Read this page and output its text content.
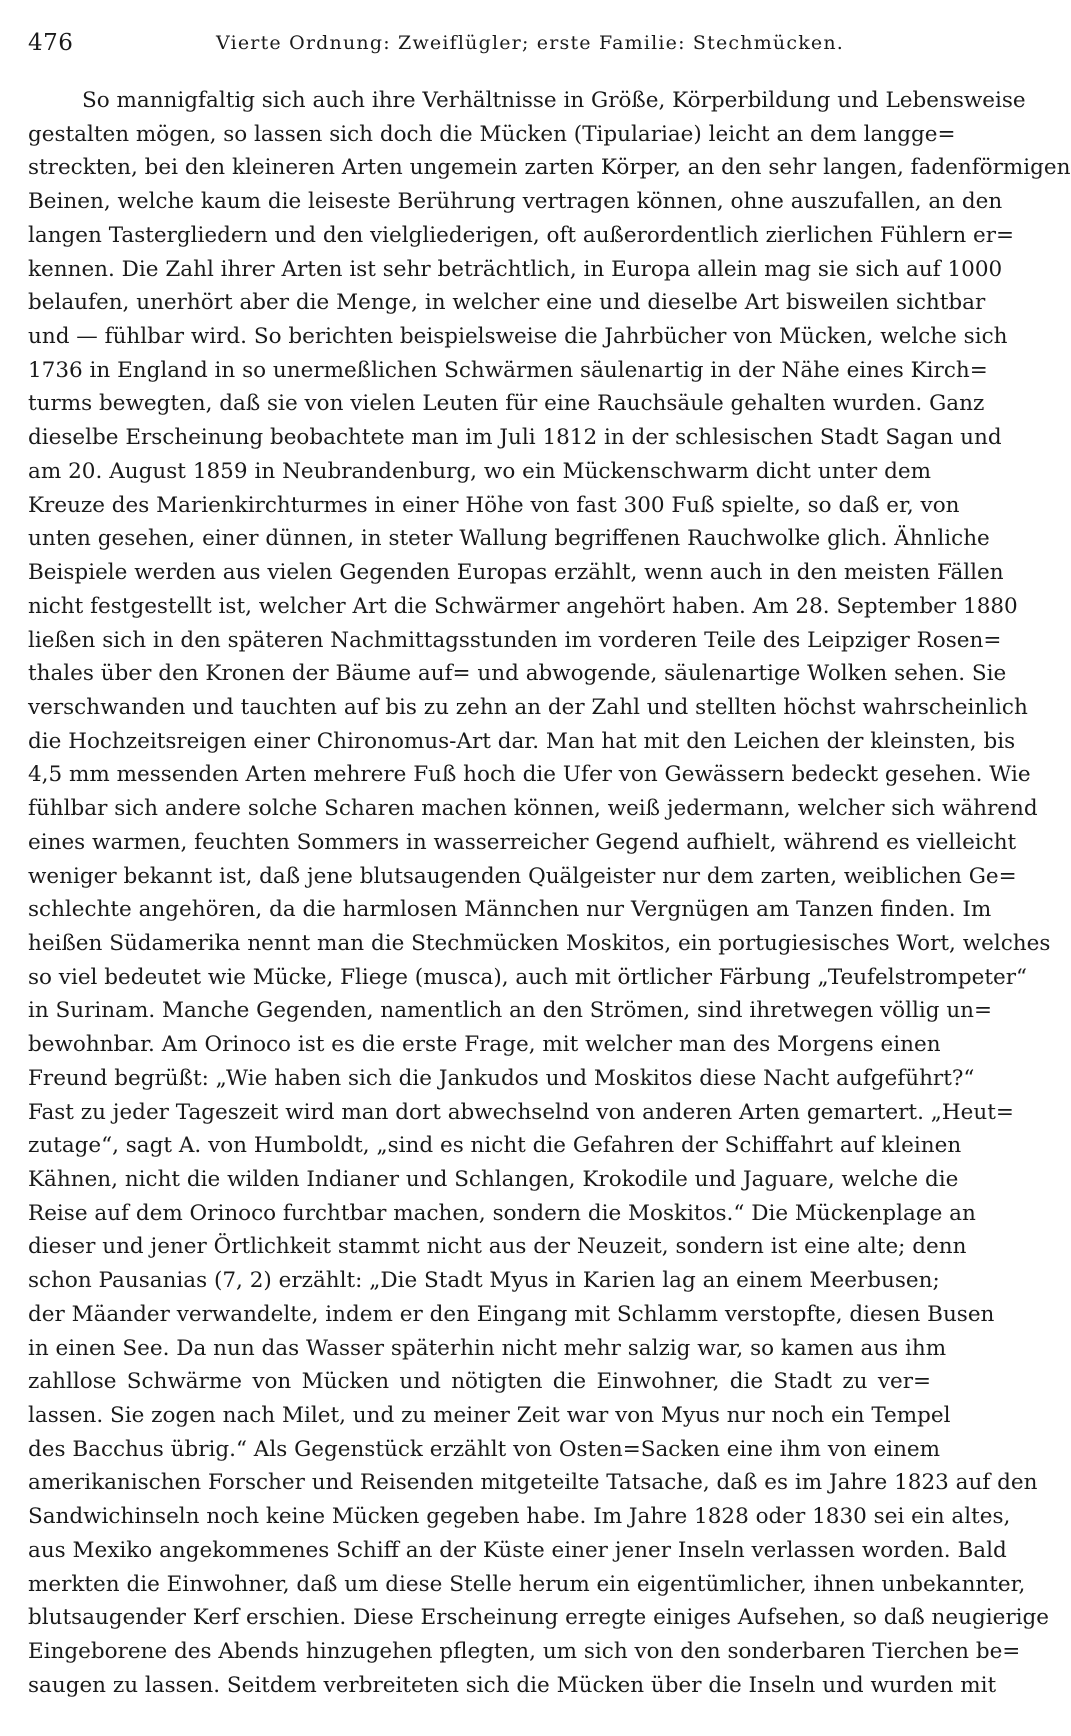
476	Vierte Ordnung: Zweiflügler; erste Familie: Stechmücken.
So mannigfaltig sich auch ihre Verhältnisse in Größe, Körperbildung und Lebensweise
gestalten mögen, so lassen sich doch die Mücken (Tipulariae) leicht an dem langge=
streckten, bei den kleineren Arten ungemein zarten Körper, an den sehr langen, fadenförmigen
Beinen, welche kaum die leiseste Berührung vertragen können, ohne auszufallen, an den
langen Tastergliedern und den vielgliederigen, oft außerordentlich zierlichen Fühlern er=
kennen. Die Zahl ihrer Arten ist sehr beträchtlich, in Europa allein mag sie sich auf 1000
belaufen, unerhört aber die Menge, in welcher eine und dieselbe Art bisweilen sichtbar
und — fühlbar wird. So berichten beispielsweise die Jahrbücher von Mücken, welche sich
1736 in England in so unermeßlichen Schwärmen säulenartig in der Nähe eines Kirch=
turms bewegten, daß sie von vielen Leuten für eine Rauchsäule gehalten wurden. Ganz
dieselbe Erscheinung beobachtete man im Juli 1812 in der schlesischen Stadt Sagan und
am 20. August 1859 in Neubrandenburg, wo ein Mückenschwarm dicht unter dem
Kreuze des Marienkirchturmes in einer Höhe von fast 300 Fuß spielte, so daß er, von
unten gesehen, einer dünnen, in steter Wallung begriffenen Rauchwolke glich. Ähnliche
Beispiele werden aus vielen Gegenden Europas erzählt, wenn auch in den meisten Fällen
nicht festgestellt ist, welcher Art die Schwärmer angehört haben. Am 28. September 1880
ließen sich in den späteren Nachmittagsstunden im vorderen Teile des Leipziger Rosen=
thales über den Kronen der Bäume auf= und abwogende, säulenartige Wolken sehen. Sie
verschwanden und tauchten auf bis zu zehn an der Zahl und stellten höchst wahrscheinlich
die Hochzeitsreigen einer Chironomus-Art dar. Man hat mit den Leichen der kleinsten, bis
4,5 mm messenden Arten mehrere Fuß hoch die Ufer von Gewässern bedeckt gesehen. Wie
fühlbar sich andere solche Scharen machen können, weiß jedermann, welcher sich während
eines warmen, feuchten Sommers in wasserreicher Gegend aufhielt, während es vielleicht
weniger bekannt ist, daß jene blutsaugenden Quälgeister nur dem zarten, weiblichen Ge=
schlechte angehören, da die harmlosen Männchen nur Vergnügen am Tanzen finden. Im
heißen Südamerika nennt man die Stechmücken Moskitos, ein portugiesisches Wort, welches
so viel bedeutet wie Mücke, Fliege (musca), auch mit örtlicher Färbung „Teufelstrompeter“
in Surinam. Manche Gegenden, namentlich an den Strömen, sind ihretwegen völlig un=
bewohnbar. Am Orinoco ist es die erste Frage, mit welcher man des Morgens einen
Freund begrüßt: „Wie haben sich die Jankudos und Moskitos diese Nacht aufgeführt?“
Fast zu jeder Tageszeit wird man dort abwechselnd von anderen Arten gemartert. „Heut=
zutage“, sagt A. von Humboldt, „sind es nicht die Gefahren der Schiffahrt auf kleinen
Kähnen, nicht die wilden Indianer und Schlangen, Krokodile und Jaguare, welche die
Reise auf dem Orinoco furchtbar machen, sondern die Moskitos.“ Die Mückenplage an
dieser und jener Örtlichkeit stammt nicht aus der Neuzeit, sondern ist eine alte; denn
schon Pausanias (7, 2) erzählt: „Die Stadt Myus in Karien lag an einem Meerbusen;
der Mäander verwandelte, indem er den Eingang mit Schlamm verstopfte, diesen Busen
in einen See. Da nun das Wasser späterhin nicht mehr salzig war, so kamen aus ihm
zahllose Schwärme von Mücken und nötigten die Einwohner, die Stadt zu ver=
lassen. Sie zogen nach Milet, und zu meiner Zeit war von Myus nur noch ein Tempel
des Bacchus übrig.“ Als Gegenstück erzählt von Osten=Sacken eine ihm von einem
amerikanischen Forscher und Reisenden mitgeteilte Tatsache, daß es im Jahre 1823 auf den
Sandwichinseln noch keine Mücken gegeben habe. Im Jahre 1828 oder 1830 sei ein altes,
aus Mexiko angekommenes Schiff an der Küste einer jener Inseln verlassen worden. Bald
merkten die Einwohner, daß um diese Stelle herum ein eigentümlicher, ihnen unbekannter,
blutsaugender Kerf erschien. Diese Erscheinung erregte einiges Aufsehen, so daß neugierige
Eingeborene des Abends hinzugehen pflegten, um sich von den sonderbaren Tierchen be=
saugen zu lassen. Seitdem verbreiteten sich die Mücken über die Inseln und wurden mit
